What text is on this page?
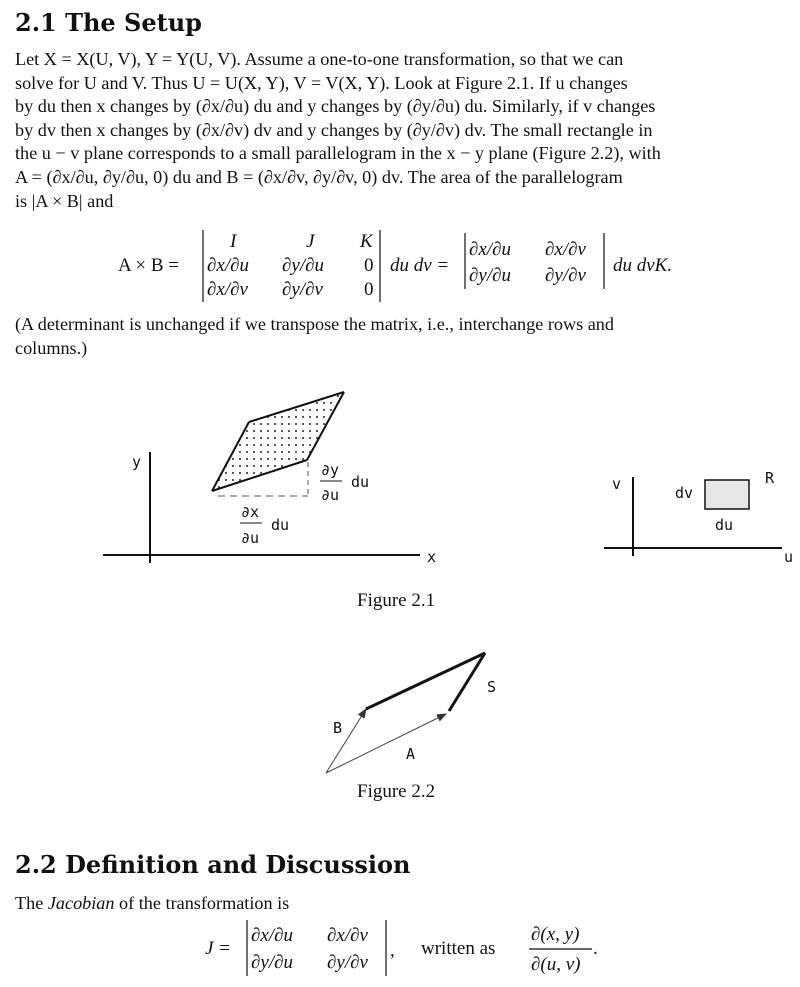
2.1 The Setup
Let X = X(U, V), Y = Y(U, V). Assume a one-to-one transformation, so that we can
solve for U and V. Thus U = U(X, Y), V = V(X, Y). Look at Figure 2.1. If u changes
by du then x changes by (∂x/∂u) du and y changes by (∂y/∂u) du. Similarly, if v changes
by dv then x changes by (∂x/∂v) dv and y changes by (∂y/∂v) dv. The small rectangle in
the u − v plane corresponds to a small parallelogram in the x − y plane (Figure 2.2), with
A = (∂x/∂u, ∂y/∂u, 0) du and B = (∂x/∂v, ∂y/∂v, 0) dv. The area of the parallelogram
is |A × B| and
A × B =
I	J K
∂x/∂u ∂y/∂u 0
∂x/∂v ∂y/∂v 0
du dv =
∂x/∂u ∂x/∂v
∂y/∂u ∂y/∂v du dvK.
(A determinant is unchanged if we transpose the matrix, i.e., interchange rows and
columns.)
y
x
∂y
∂u
du
∂x
∂u
du
v
u
dv
du
R
Figure 2.1
B
A
S
Figure 2.2
2.2 Definition and Discussion
The Jacobian of the transformation is
J =
∂x/∂u ∂x/∂v
∂y/∂u ∂y/∂v
, written as
∂(x, y)
∂(u, v)
.
